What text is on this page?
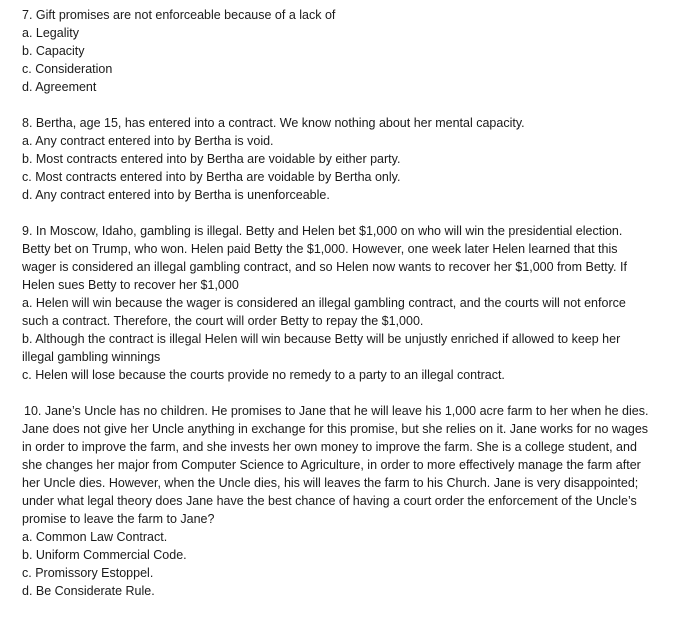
7. Gift promises are not enforceable because of a lack of
a. Legality
b. Capacity
c. Consideration
d. Agreement
8. Bertha, age 15, has entered into a contract. We know nothing about her mental capacity.
a. Any contract entered into by Bertha is void.
b. Most contracts entered into by Bertha are voidable by either party.
c. Most contracts entered into by Bertha are voidable by Bertha only.
d. Any contract entered into by Bertha is unenforceable.
9. In Moscow, Idaho, gambling is illegal. Betty and Helen bet $1,000 on who will win the presidential election. Betty bet on Trump, who won. Helen paid Betty the $1,000. However, one week later Helen learned that this wager is considered an illegal gambling contract, and so Helen now wants to recover her $1,000 from Betty. If Helen sues Betty to recover her $1,000
a. Helen will win because the wager is considered an illegal gambling contract, and the courts will not enforce such a contract. Therefore, the court will order Betty to repay the $1,000.
b. Although the contract is illegal Helen will win because Betty will be unjustly enriched if allowed to keep her illegal gambling winnings
c. Helen will lose because the courts provide no remedy to a party to an illegal contract.
10. Jane’s Uncle has no children. He promises to Jane that he will leave his 1,000 acre farm to her when he dies. Jane does not give her Uncle anything in exchange for this promise, but she relies on it. Jane works for no wages in order to improve the farm, and she invests her own money to improve the farm. She is a college student, and she changes her major from Computer Science to Agriculture, in order to more effectively manage the farm after her Uncle dies. However, when the Uncle dies, his will leaves the farm to his Church. Jane is very disappointed; under what legal theory does Jane have the best chance of having a court order the enforcement of the Uncle’s promise to leave the farm to Jane?
a. Common Law Contract.
b. Uniform Commercial Code.
c. Promissory Estoppel.
d. Be Considerate Rule.
